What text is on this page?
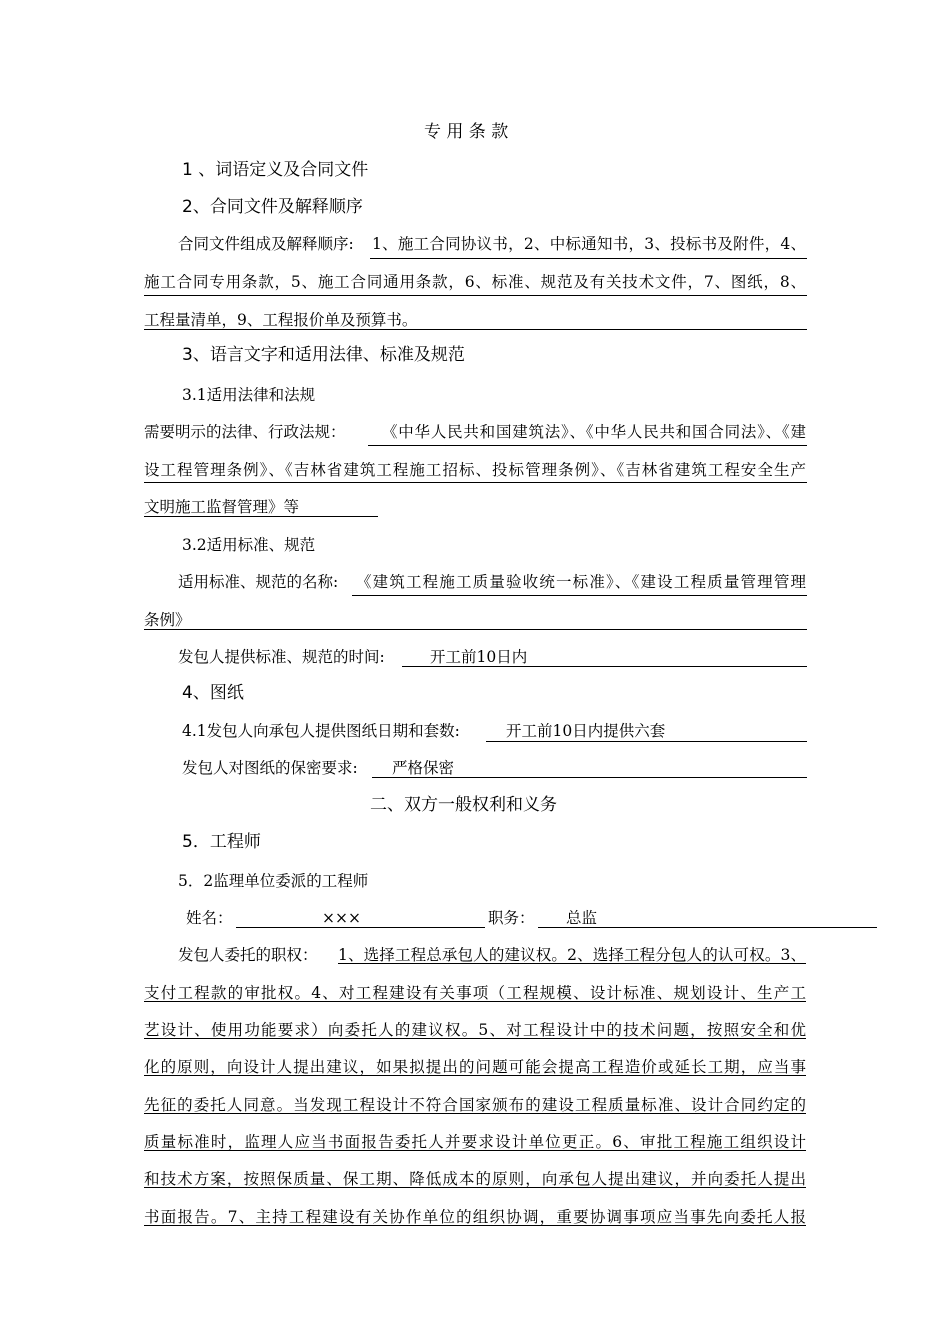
专 用 条 款
1 、词语定义及合同文件
2、合同文件及解释顺序
合同文件组成及解释顺序: 1、施工合同协议书，2、中标通知书，3、投标书及附件，4、
施工合同专用条款，5、施工合同通用条款，6、标准、规范及有关技术文件，7、图纸，8、
工程量清单，9、工程报价单及预算书。
3、语言文字和适用法律、标准及规范
3.1适用法律和法规
需要明示的法律、行政法规： 《中华人民共和国建筑法》、《中华人民共和国合同法》、《建
设工程管理条例》、《吉林省建筑工程施工招标、投标管理条例》、《吉林省建筑工程安全生产
文明施工监督管理》等
3.2适用标准、规范
适用标准、规范的名称: 《建筑工程施工质量验收统一标准》、《建设工程质量管理管理
条例》
发包人提供标准、规范的时间:	开工前10日内
4、图纸
4.1发包人向承包人提供图纸日期和套数:	开工前10日内提供六套
发包人对图纸的保密要求: 严格保密
二、双方一般权利和义务
5．工程师
5．2监理单位委派的工程师
姓名：	×××	职务： 总监
发包人委托的职权： 1、选择工程总承包人的建议权。2、选择工程分包人的认可权。3、
支付工程款的审批权。4、对工程建设有关事项（工程规模、设计标准、规划设计、生产工
艺设计、使用功能要求）向委托人的建议权。5、对工程设计中的技术问题，按照安全和优
化的原则，向设计人提出建议，如果拟提出的问题可能会提高工程造价或延长工期，应当事
先征的委托人同意。当发现工程设计不符合国家颁布的建设工程质量标准、设计合同约定的
质量标准时，监理人应当书面报告委托人并要求设计单位更正。6、审批工程施工组织设计
和技术方案，按照保质量、保工期、降低成本的原则，向承包人提出建议，并向委托人提出
书面报告。7、主持工程建设有关协作单位的组织协调，重要协调事项应当事先向委托人报
